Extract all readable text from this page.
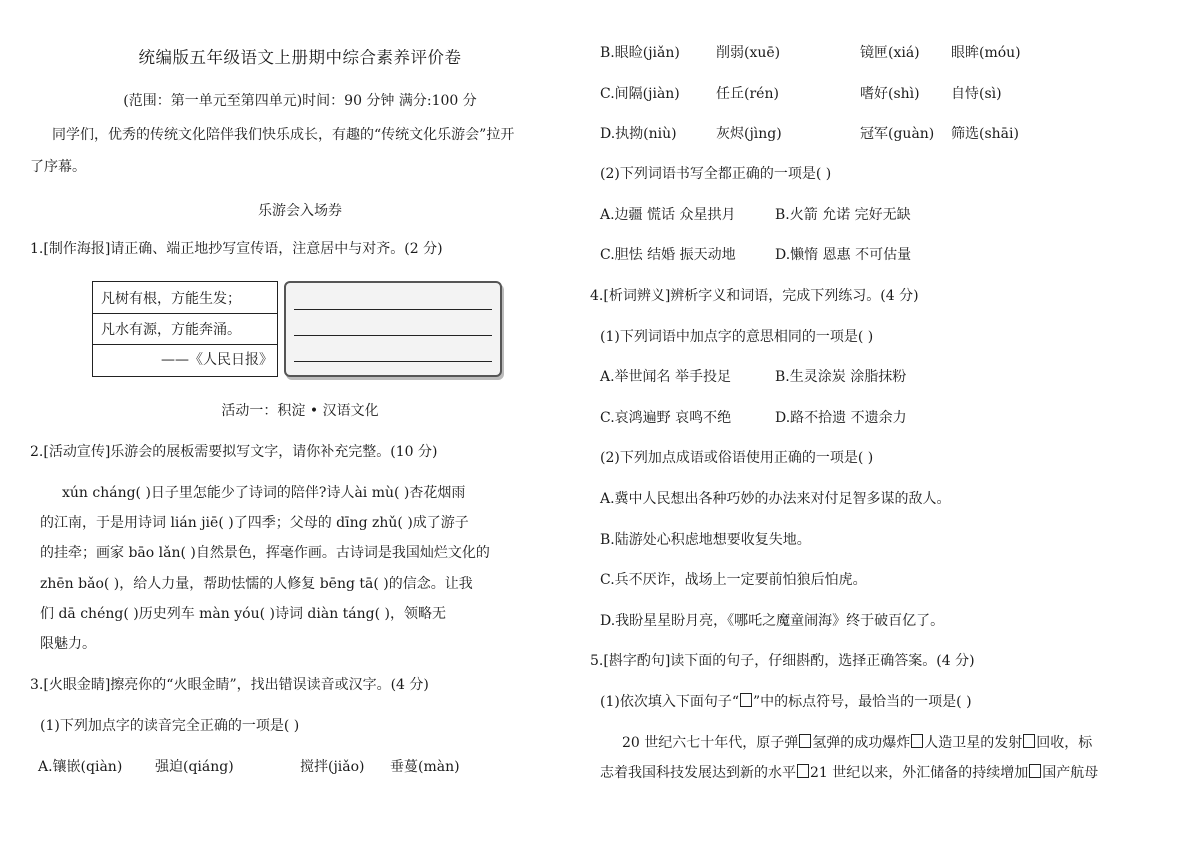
统编版五年级语文上册期中综合素养评价卷
(范围：第一单元至第四单元)时间：90 分钟 满分:100 分
同学们，优秀的传统文化陪伴我们快乐成长，有趣的“传统文化乐游会”拉开
了序幕。
乐游会入场券
1.[制作海报]请正确、端正地抄写宣传语，注意居中与对齐。(2 分)
凡树有根，方能生发；
凡水有源，方能奔涌。
——《人民日报》
活动一：积淀 • 汉语文化
2.[活动宣传]乐游会的展板需要拟写文字，请你补充完整。(10 分)
xún cháng( )日子里怎能少了诗词的陪伴?诗人ài mù( )杏花烟雨
的江南，于是用诗词 lián jiē( )了四季；父母的 dīng zhǔ( )成了游子
的挂牵；画家 bāo lǎn( )自然景色，挥毫作画。古诗词是我国灿烂文化的
zhēn bǎo( )，给人力量，帮助怯懦的人修复 bēng tā( )的信念。让我
们 dā chéng( )历史列车 màn yóu( )诗词 diàn táng( )，领略无
限魅力。
3.[火眼金睛]擦亮你的“火眼金睛”，找出错误读音或汉字。(4 分)
(1)下列加点字的读音完全正确的一项是( )
A.镶嵌(qiàn) 强迫(qiáng)	搅拌(jiǎo) 垂蔓(màn)
B.眼睑(jiǎn)	削弱(xuē)	镜匣(xiá) 眼眸(móu)
C.间隔(jiàn)	任丘(rén)	嗜好(shì) 自恃(sì)
D.执拗(niù)	灰烬(jìng)	冠军(guàn) 筛选(shāi)
(2)下列词语书写全都正确的一项是( )
A.边疆 慌话 众星拱月	B.火箭 允诺 完好无缺
C.胆怯 结婚 振天动地	D.懒惰 恩惠 不可估量
4.[析词辨义]辨析字义和词语，完成下列练习。(4 分)
(1)下列词语中加点字的意思相同的一项是( )
A.举世闻名 举手投足	B.生灵涂炭 涂脂抹粉
C.哀鸿遍野 哀鸣不绝	D.路不拾遗 不遗余力
(2)下列加点成语或俗语使用正确的一项是( )
A.冀中人民想出各种巧妙的办法来对付足智多谋的敌人。
B.陆游处心积虑地想要收复失地。
C.兵不厌诈，战场上一定要前怕狼后怕虎。
D.我盼星星盼月亮，《哪吒之魔童闹海》终于破百亿了。
5.[斟字酌句]读下面的句子，仔细斟酌，选择正确答案。(4 分)
(1)依次填入下面句子“ ”中的标点符号，最恰当的一项是( )
20 世纪六七十年代，原子弹 氢弹的成功爆炸 人造卫星的发射 回收，标
志着我国科技发展达到新的水平 21 世纪以来，外汇储备的持续增加 国产航母
